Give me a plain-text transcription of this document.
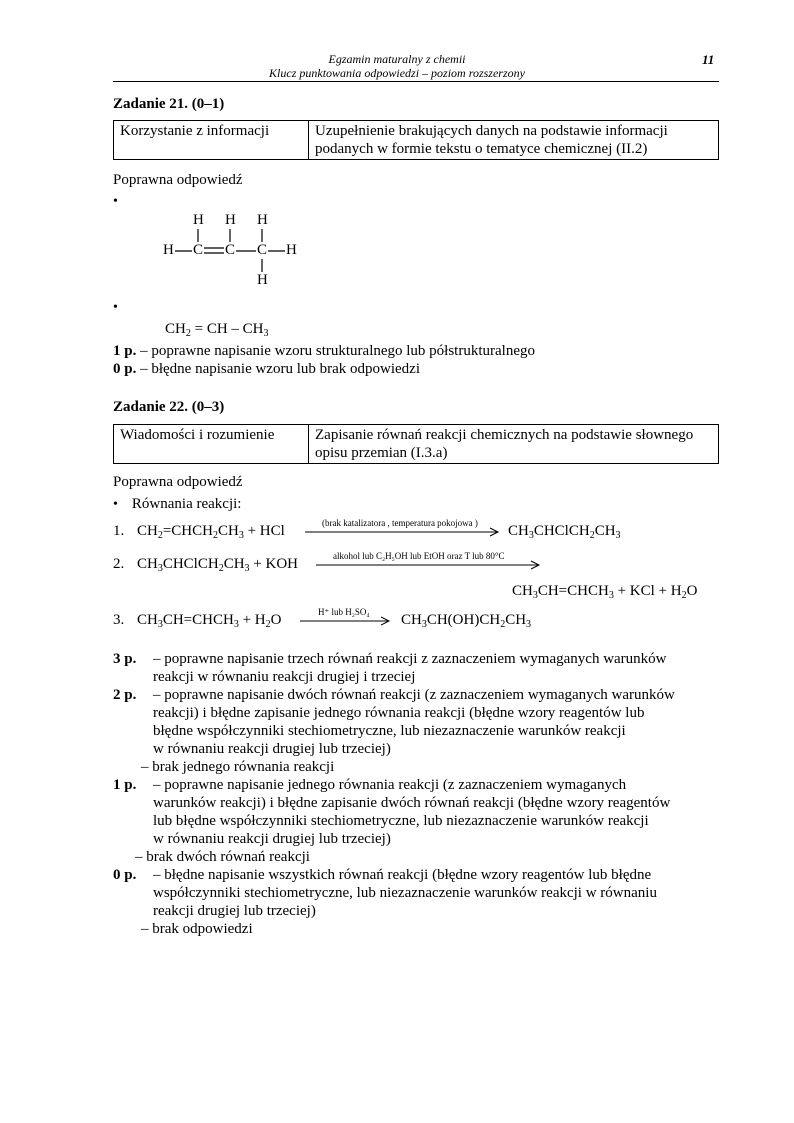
Egzamin maturalny z chemii
Klucz punktowania odpowiedzi – poziom rozszerzony
11
Zadanie 21. (0–1)
Korzystanie z informacji	Uzupełnienie brakujących danych na podstawie informacji podanych w formie tekstu o tematyce chemicznej (II.2)
Poprawna odpowiedź
•
H H H
H C C C H
H
•
$CH_2$ = CH – $CH_3$
1 p. – poprawne napisanie wzoru strukturalnego lub półstrukturalnego
0 p. – błędne napisanie wzoru lub brak odpowiedzi
Zadanie 22. (0–3)
Wiadomości i rozumienie	Zapisanie równań reakcji chemicznych na podstawie słownego opisu przemian (I.3.a)
Poprawna odpowiedź
• Równania reakcji:
1. $CH_2=CHCH_2CH_3$ + HCl	(brak katalizatora , temperatura pokojowa ) $CH_3CHClCH_2CH_3$
2. $CH_3CHClCH_2CH_3$ + KOH	alkohol lub C₂H₅OH lub EtOH oraz T lub 80°C
$CH_3CH=CHCH_3$ + KCl + $H_2O$
3. $CH_3CH=CHCH_3 + H_2O$	H⁺ lub H₂SO₄ $CH_3CH(OH)CH_2CH_3$
3 p.	– poprawne napisanie trzech równań reakcji z zaznaczeniem wymaganych warunków
reakcji w równaniu reakcji drugiej i trzeciej
2 p.	– poprawne napisanie dwóch równań reakcji (z zaznaczeniem wymaganych warunków
reakcji) i błędne zapisanie jednego równania reakcji (błędne wzory reagentów lub
błędne współczynniki stechiometryczne, lub niezaznaczenie warunków reakcji
w równaniu reakcji drugiej lub trzeciej)
– brak jednego równania reakcji
1 p.	– poprawne napisanie jednego równania reakcji (z zaznaczeniem wymaganych
warunków reakcji) i błędne zapisanie dwóch równań reakcji (błędne wzory reagentów
lub błędne współczynniki stechiometryczne, lub niezaznaczenie warunków reakcji
w równaniu reakcji drugiej lub trzeciej)
– brak dwóch równań reakcji
0 p.	– błędne napisanie wszystkich równań reakcji (błędne wzory reagentów lub błędne
współczynniki stechiometryczne, lub niezaznaczenie warunków reakcji w równaniu
reakcji drugiej lub trzeciej)
– brak odpowiedzi
